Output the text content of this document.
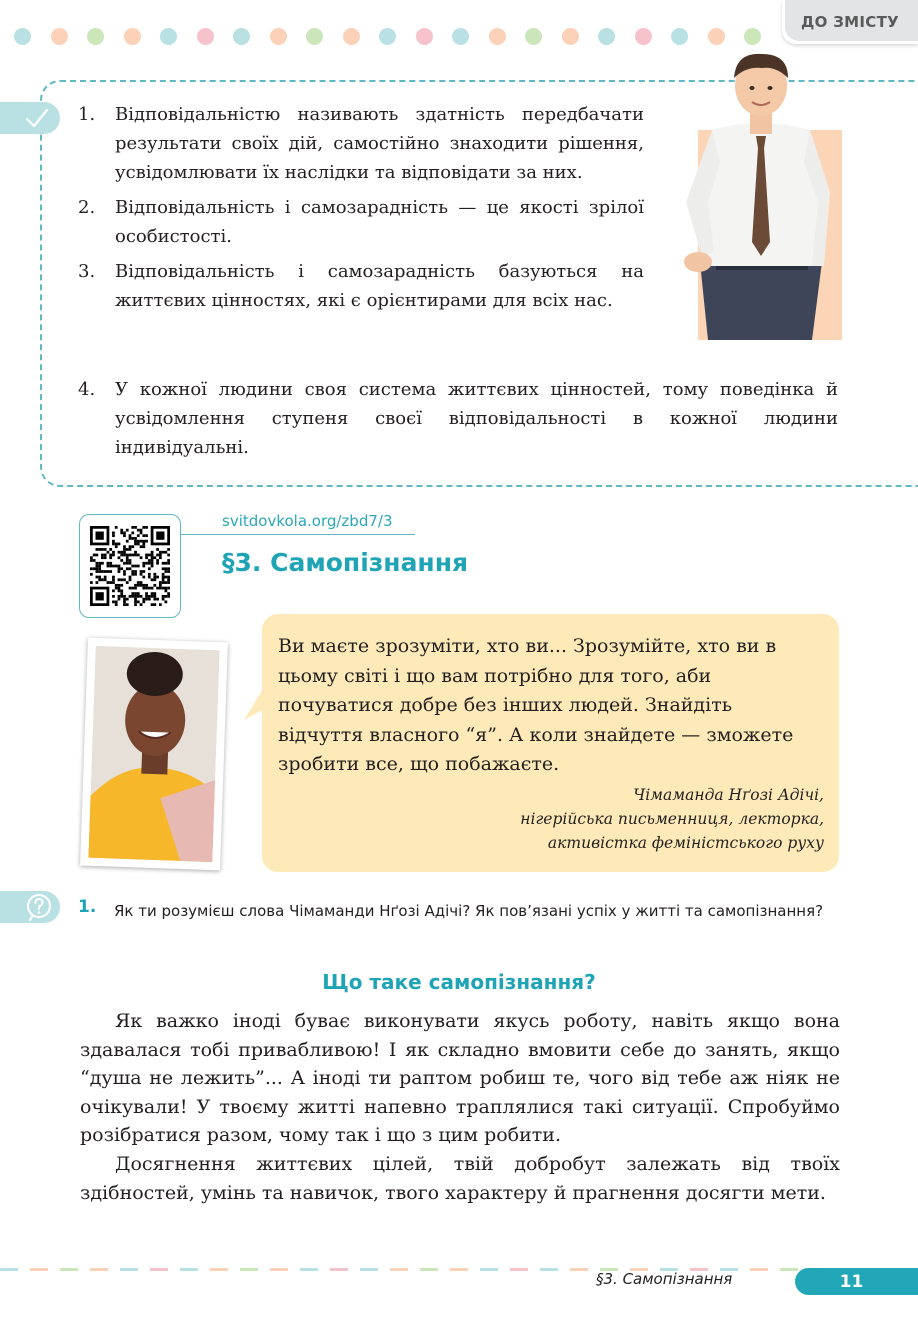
ДО ЗМІСТУ
1. Відповідальністю називають здатність передбачати результати своїх дій, самостійно знаходити рішення, усвідомлювати їх наслідки та відповідати за них.
2. Відповідальність і самозарадність — це якості зрілої особистості.
3. Відповідальність і самозарадність базуються на життєвих цінностях, які є орієнтирами для всіх нас.
4. У кожної людини своя система життєвих цінностей, тому поведінка й усвідомлення ступеня своєї відповідальності в кожної людини індивідуальні.
svitdovkola.org/zbd7/3
§3. Самопізнання
Ви маєте зрозуміти, хто ви... Зрозумійте, хто ви в цьому світі і що вам потрібно для того, аби почуватися добре без інших людей. Знайдіть відчуття власного “я”. А коли знайдете — зможете зробити все, що побажаєте.
Чімаманда Нґозі Адічі,
нігерійська письменниця, лекторка,
активістка феміністського руху
1. Як ти розумієш слова Чімаманди Нґозі Адічі? Як пов’язані успіх у житті та самопізнання?
Що таке самопізнання?

Як важко іноді буває виконувати якусь роботу, навіть якщо вона здавалася тобі привабливою! І як складно вмовити себе до занять, якщо “душа не лежить”... А іноді ти раптом робиш те, чого від тебе аж ніяк не очікували! У твоєму житті напевно траплялися такі ситуації. Спробуймо розібратися разом, чому так і що з цим робити.

Досягнення життєвих цілей, твій добробут залежать від твоїх здібностей, умінь та навичок, твого характеру й прагнення досягти мети.

§3. Самопізнання	11
